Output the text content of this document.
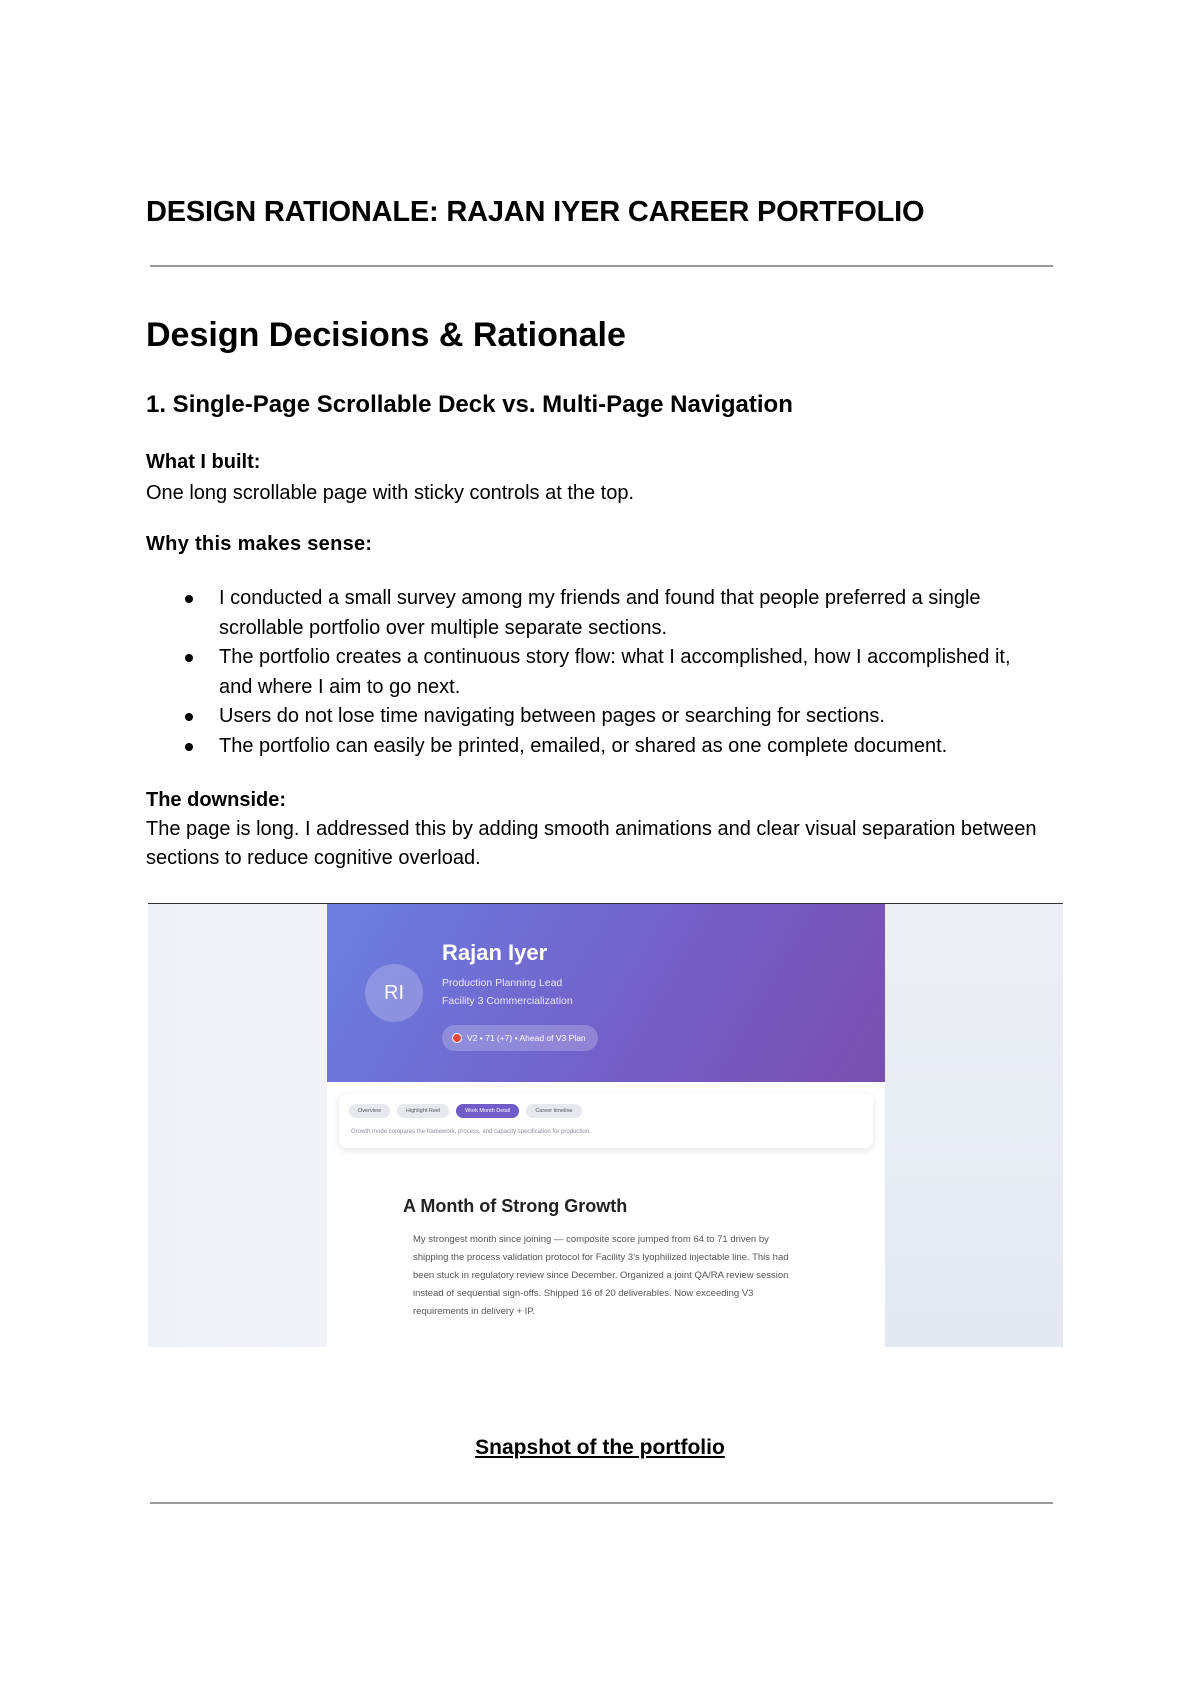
DESIGN RATIONALE: RAJAN IYER CAREER PORTFOLIO
Design Decisions & Rationale
1. Single-Page Scrollable Deck vs. Multi-Page Navigation
What I built:
One long scrollable page with sticky controls at the top.
Why this makes sense:
I conducted a small survey among my friends and found that people preferred a single scrollable portfolio over multiple separate sections.
The portfolio creates a continuous story flow: what I accomplished, how I accomplished it, and where I aim to go next.
Users do not lose time navigating between pages or searching for sections.
The portfolio can easily be printed, emailed, or shared as one complete document.
The downside:
The page is long. I addressed this by adding smooth animations and clear visual separation between sections to reduce cognitive overload.
RI
Rajan Iyer
Production Planning Lead
Facility 3 Commercialization
V2 • 71 (+7) • Ahead of V3 Plan
Overview	Highlight Reel	Work Month Detail	Career timeline
Growth mode compares the framework, process, and capacity specification for production.
A Month of Strong Growth
My strongest month since joining — composite score jumped from 64 to 71 driven by shipping the process validation protocol for Facility 3's lyophilized injectable line. This had been stuck in regulatory review since December. Organized a joint QA/RA review session instead of sequential sign-offs. Shipped 16 of 20 deliverables. Now exceeding V3 requirements in delivery + IP.
Snapshot of the portfolio
